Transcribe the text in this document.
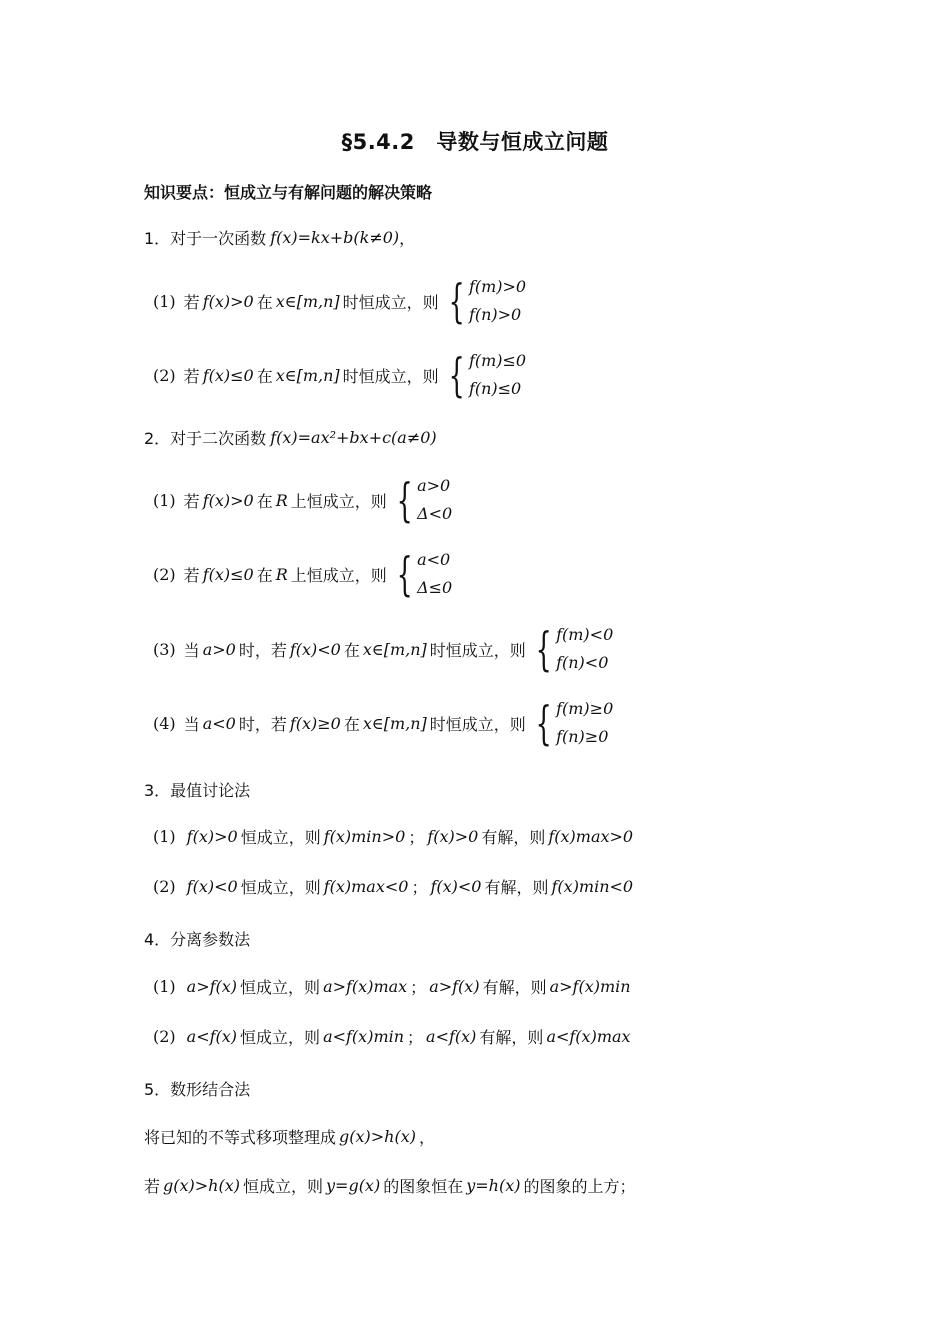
§5.4.2　导数与恒成立问题
知识要点：恒成立与有解问题的解决策略
1．对于一次函数 f(x)=kx+b(k≠0) ，
(1) 若 f(x)>0 在 x∈[m,n] 时恒成立，则 { f(m)>0
f(n)>0
(2) 若 f(x)≤0 在 x∈[m,n] 时恒成立，则 { f(m)≤0
f(n)≤0
2．对于二次函数 f(x)=ax²+bx+c(a≠0)
(1) 若 f(x)>0 在 R 上恒成立，则 { a>0
Δ<0
(2) 若 f(x)≤0 在 R 上恒成立，则 { a<0
Δ≤0
(3) 当 a>0 时，若 f(x)<0 在 x∈[m,n] 时恒成立，则 { f(m)<0
f(n)<0
(4) 当 a<0 时，若 f(x)≥0 在 x∈[m,n] 时恒成立，则 { f(m)≥0
f(n)≥0
3．最值讨论法
(1) f(x)>0 恒成立，则 f(x)min>0 ； f(x)>0 有解，则 f(x)max>0
(2) f(x)<0 恒成立，则 f(x)max<0 ； f(x)<0 有解，则 f(x)min<0
4．分离参数法
(1) a>f(x) 恒成立，则 a>f(x)max ； a>f(x) 有解，则 a>f(x)min
(2) a<f(x) 恒成立，则 a<f(x)min ； a<f(x) 有解，则 a<f(x)max
5．数形结合法
将已知的不等式移项整理成 g(x)>h(x) ，
若 g(x)>h(x) 恒成立，则 y=g(x) 的图象恒在 y=h(x) 的图象的上方；
